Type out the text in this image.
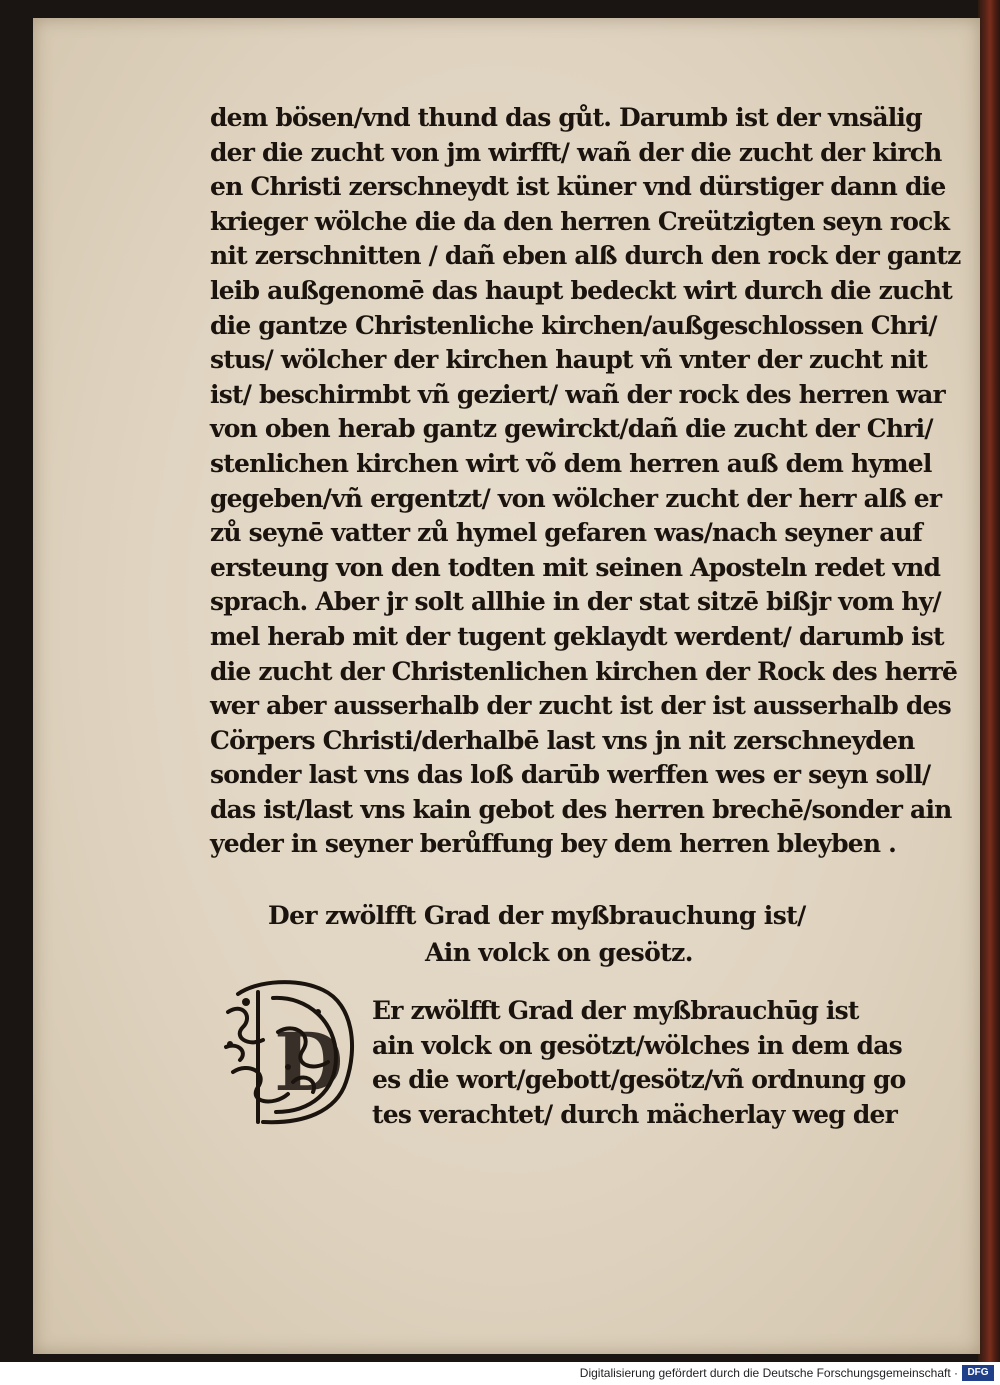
dem bösen/vnd thund das gůt. Darumb ist der vnsälig
der die zucht von jm wirfft/ wañ der die zucht der kirch
en Christi zerschneydt ist küner vnd dürstiger dann die
krieger wölche die da den herren Creützigten seyn rock
nit zerschnitten / dañ eben alß durch den rock der gantz
leib außgenomē das haupt bedeckt wirt durch die zucht
die gantze Christenliche kirchen/außgeschlossen Chri/
stus/ wölcher der kirchen haupt vñ vnter der zucht nit
ist/ beschirmbt vñ geziert/ wañ der rock des herren war
von oben herab gantz gewirckt/dañ die zucht der Chri/
stenlichen kirchen wirt võ dem herren auß dem hymel
gegeben/vñ ergentzt/ von wölcher zucht der herr alß er
zů seynē vatter zů hymel gefaren was/nach seyner auf
ersteung von den todten mit seinen Aposteln redet vnd
sprach. Aber jr solt allhie in der stat sitzē bißjr vom hy/
mel herab mit der tugent geklaydt werdent/ darumb ist
die zucht der Christenlichen kirchen der Rock des herrē
wer aber ausserhalb der zucht ist der ist ausserhalb des
Cörpers Christi/derhalbē last vns jn nit zerschneyden
sonder last vns das loß darūb werffen wes er seyn soll/
das ist/last vns kain gebot des herren brechē/sonder ain
yeder in seyner berůffung bey dem herren bleyben .
Der zwölfft Grad der myßbrauchung ist/
Ain volck on gesötz.
D
Er zwölfft Grad der myßbrauchūg ist
ain volck on gesötzt/wölches in dem das
es die wort/gebott/gesötz/vñ ordnung go
tes verachtet/ durch mächerlay weg der
Digitalisierung gefördert durch die Deutsche Forschungsgemeinschaft · DFG
